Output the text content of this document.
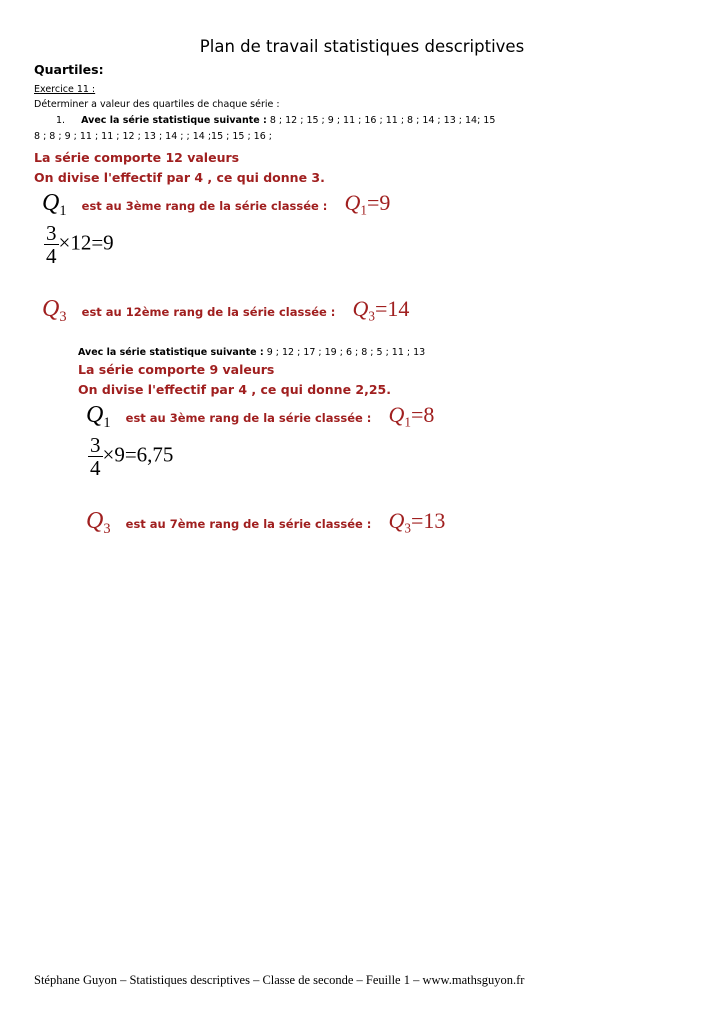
Plan de travail statistiques descriptives
Quartiles:
Exercice 11 :
Déterminer a valeur des quartiles de chaque série :
1. Avec la série statistique suivante : 8 ; 12 ; 15 ; 9 ; 11 ; 16 ; 11 ; 8 ; 14 ; 13 ; 14; 15
8 ; 8 ; 9 ; 11 ; 11 ; 12 ; 13 ; 14 ; ; 14 ;15 ; 15 ; 16 ;
La série comporte 12 valeurs
On divise l'effectif par 4 , ce qui donne 3.
$Q_1$ est au 3ème rang de la série classée : $Q_1=9$
$\frac{3}{4} \times 12=9$
$Q_3$ est au 12ème rang de la série classée : $Q_3=14$
Avec la série statistique suivante : 9 ; 12 ; 17 ; 19 ; 6 ; 8 ; 5 ; 11 ; 13
La série comporte 9 valeurs
On divise l'effectif par 4 , ce qui donne 2,25.
$Q_1$ est au 3ème rang de la série classée : $Q_1=8$
$\frac{3}{4} \times 9=6,75$
$Q_3$ est au 7ème rang de la série classée : $Q_3=13$
Stéphane Guyon – Statistiques descriptives – Classe de seconde – Feuille 1 – www.mathsguyon.fr
